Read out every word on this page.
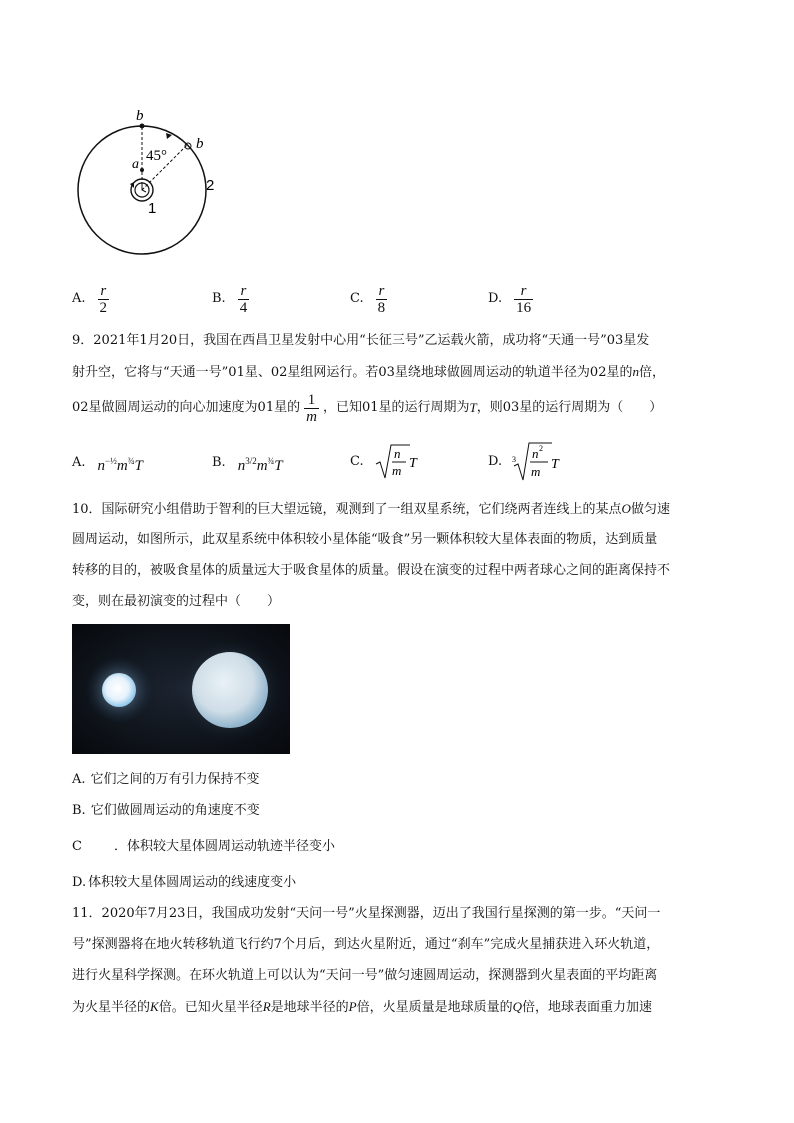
b
b
a
45°
1
2
A. $\frac{r}{2}$	B. $\frac{r}{4}$	C. $\frac{r}{8}$	D. $\frac{r}{16}$
9．2021年1月20日，我国在西昌卫星发射中心用“长征三号”乙运载火箭，成功将“天通一号”03星发
射升空，它将与“天通一号”01星、02星组网运行。若03星绕地球做圆周运动的轨道半径为02星的n倍，
02星做圆周运动的向心加速度为01星的 $\frac{1}{m}$ ，已知01星的运行周期为 T ，则03星的运行周期为（　　）
A. $n^{-\frac{1}{2}}m^{\frac{3}{4}}T$	B. $n^{3/2}m^{\frac{3}{4}}T$	C.
n
m T	D. 3 n 2
m T
10．国际研究小组借助于智利的巨大望远镜，观测到了一组双星系统，它们绕两者连线上的某点O做匀速
圆周运动，如图所示，此双星系统中体积较小星体能“吸食”另一颗体积较大星体表面的物质，达到质量
转移的目的，被吸食星体的质量远大于吸食星体的质量。假设在演变的过程中两者球心之间的距离保持不
变，则在最初演变的过程中（　　）
A. 它们之间的万有引力保持不变
B. 它们做圆周运动的角速度不变
C ．体积较大星体圆周运动轨迹半径变小
D. 体积较大星体圆周运动的线速度变小
11．2020年7月23日，我国成功发射“天问一号”火星探测器，迈出了我国行星探测的第一步。“天问一
号”探测器将在地火转移轨道飞行约7个月后，到达火星附近，通过“刹车”完成火星捕获进入环火轨道，
进行火星科学探测。在环火轨道上可以认为“天问一号”做匀速圆周运动，探测器到火星表面的平均距离
为火星半径的K倍。已知火星半径R是地球半径的P倍，火星质量是地球质量的Q倍，地球表面重力加速
